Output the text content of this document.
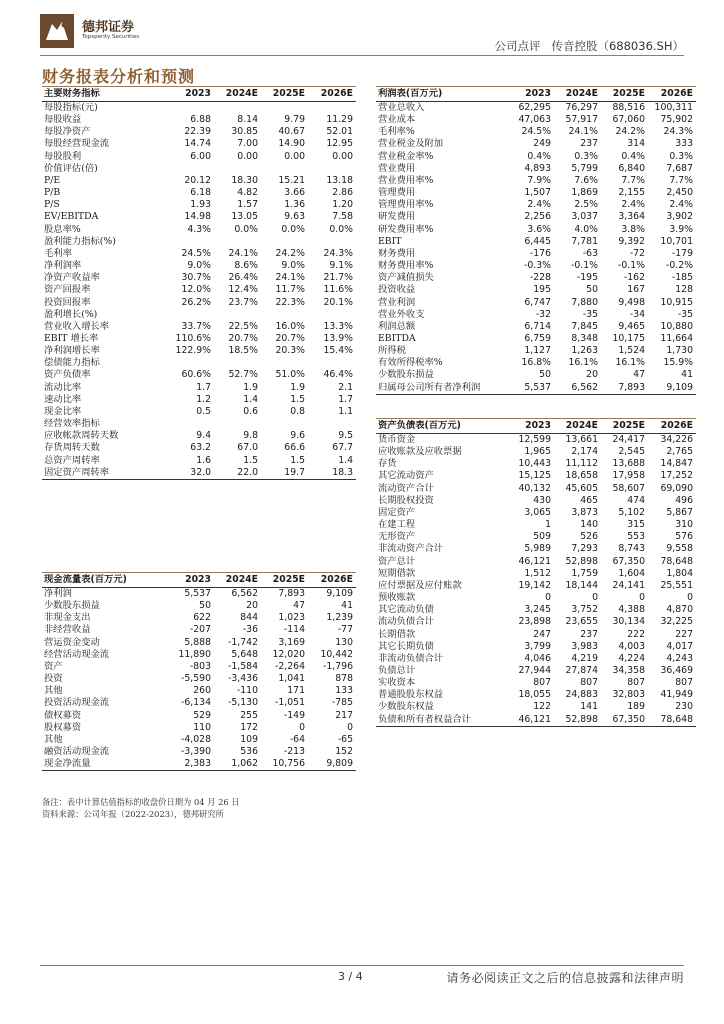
德邦证券
Topsperity Securities
公司点评 传音控股（688036.SH）
财务报表分析和预测
主要财务指标	2023	2024E	2025E	2026E
每股指标(元)				
每股收益	6.88	8.14	9.79	11.29
每股净资产	22.39	30.85	40.67	52.01
每股经营现金流	14.74	7.00	14.90	12.95
每股股利	6.00	0.00	0.00	0.00
价值评估(倍)				
P/E	20.12	18.30	15.21	13.18
P/B	6.18	4.82	3.66	2.86
P/S	1.93	1.57	1.36	1.20
EV/EBITDA	14.98	13.05	9.63	7.58
股息率%	4.3%	0.0%	0.0%	0.0%
盈利能力指标(%)				
毛利率	24.5%	24.1%	24.2%	24.3%
净利润率	9.0%	8.6%	9.0%	9.1%
净资产收益率	30.7%	26.4%	24.1%	21.7%
资产回报率	12.0%	12.4%	11.7%	11.6%
投资回报率	26.2%	23.7%	22.3%	20.1%
盈利增长(%)				
营业收入增长率	33.7%	22.5%	16.0%	13.3%
EBIT 增长率	110.6%	20.7%	20.7%	13.9%
净利润增长率	122.9%	18.5%	20.3%	15.4%
偿债能力指标				
资产负债率	60.6%	52.7%	51.0%	46.4%
流动比率	1.7	1.9	1.9	2.1
速动比率	1.2	1.4	1.5	1.7
现金比率	0.5	0.6	0.8	1.1
经营效率指标				
应收帐款周转天数	9.4	9.8	9.6	9.5
存货周转天数	63.2	67.0	66.6	67.7
总资产周转率	1.6	1.5	1.5	1.4
固定资产周转率	32.0	22.0	19.7	18.3
利润表(百万元)	2023	2024E	2025E	2026E
营业总收入	62,295	76,297	88,516	100,311
营业成本	47,063	57,917	67,060	75,902
毛利率%	24.5%	24.1%	24.2%	24.3%
营业税金及附加	249	237	314	333
营业税金率%	0.4%	0.3%	0.4%	0.3%
营业费用	4,893	5,799	6,840	7,687
营业费用率%	7.9%	7.6%	7.7%	7.7%
管理费用	1,507	1,869	2,155	2,450
管理费用率%	2.4%	2.5%	2.4%	2.4%
研发费用	2,256	3,037	3,364	3,902
研发费用率%	3.6%	4.0%	3.8%	3.9%
EBIT	6,445	7,781	9,392	10,701
财务费用	-176	-63	-72	-179
财务费用率%	-0.3%	-0.1%	-0.1%	-0.2%
资产减值损失	-228	-195	-162	-185
投资收益	195	50	167	128
营业利润	6,747	7,880	9,498	10,915
营业外收支	-32	-35	-34	-35
利润总额	6,714	7,845	9,465	10,880
EBITDA	6,759	8,348	10,175	11,664
所得税	1,127	1,263	1,524	1,730
有效所得税率%	16.8%	16.1%	16.1%	15.9%
少数股东损益	50	20	47	41
归属母公司所有者净利润	5,537	6,562	7,893	9,109
资产负债表(百万元)	2023	2024E	2025E	2026E
货币资金	12,599	13,661	24,417	34,226
应收账款及应收票据	1,965	2,174	2,545	2,765
存货	10,443	11,112	13,688	14,847
其它流动资产	15,125	18,658	17,958	17,252
流动资产合计	40,132	45,605	58,607	69,090
长期股权投资	430	465	474	496
固定资产	3,065	3,873	5,102	5,867
在建工程	1	140	315	310
无形资产	509	526	553	576
非流动资产合计	5,989	7,293	8,743	9,558
资产总计	46,121	52,898	67,350	78,648
短期借款	1,512	1,759	1,604	1,804
应付票据及应付账款	19,142	18,144	24,141	25,551
预收账款	0	0	0	0
其它流动负债	3,245	3,752	4,388	4,870
流动负债合计	23,898	23,655	30,134	32,225
长期借款	247	237	222	227
其它长期负债	3,799	3,983	4,003	4,017
非流动负债合计	4,046	4,219	4,224	4,243
负债总计	27,944	27,874	34,358	36,469
实收资本	807	807	807	807
普通股股东权益	18,055	24,883	32,803	41,949
少数股东权益	122	141	189	230
负债和所有者权益合计	46,121	52,898	67,350	78,648
现金流量表(百万元)	2023	2024E	2025E	2026E
净利润	5,537	6,562	7,893	9,109
少数股东损益	50	20	47	41
非现金支出	622	844	1,023	1,239
非经营收益	-207	-36	-114	-77
营运资金变动	5,888	-1,742	3,169	130
经营活动现金流	11,890	5,648	12,020	10,442
资产	-803	-1,584	-2,264	-1,796
投资	-5,590	-3,436	1,041	878
其他	260	-110	171	133
投资活动现金流	-6,134	-5,130	-1,051	-785
债权募资	529	255	-149	217
股权募资	110	172	0	0
其他	-4,028	109	-64	-65
融资活动现金流	-3,390	536	-213	152
现金净流量	2,383	1,062	10,756	9,809
备注：表中计算估值指标的收盘价日期为 04 月 26 日
资料来源：公司年报（2022-2023），德邦研究所
3 / 4	请务必阅读正文之后的信息披露和法律声明
